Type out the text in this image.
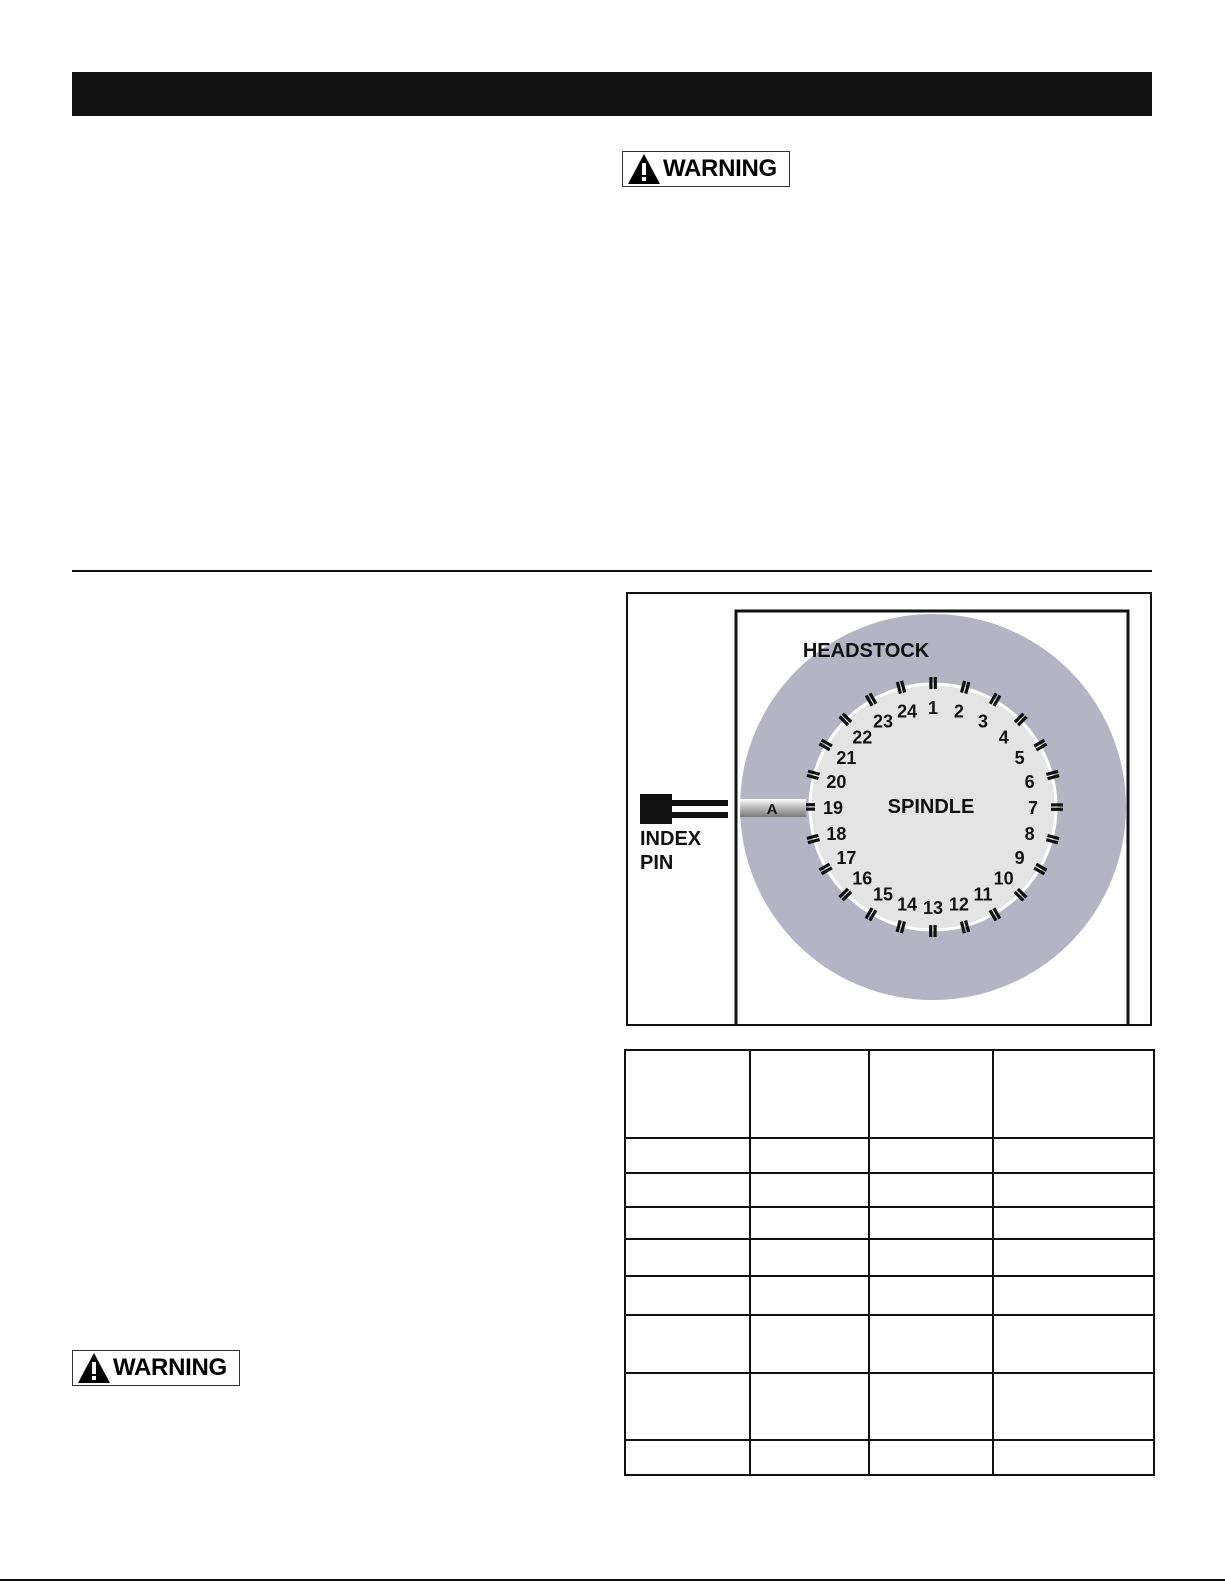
WARNING
1 2 3
4
5
6
7
8
9
10
11
12
13
14
15
16
17
18
19
20
21
22
23 24
A
HEADSTOCK
SPINDLE
INDEX
PIN

WARNING
